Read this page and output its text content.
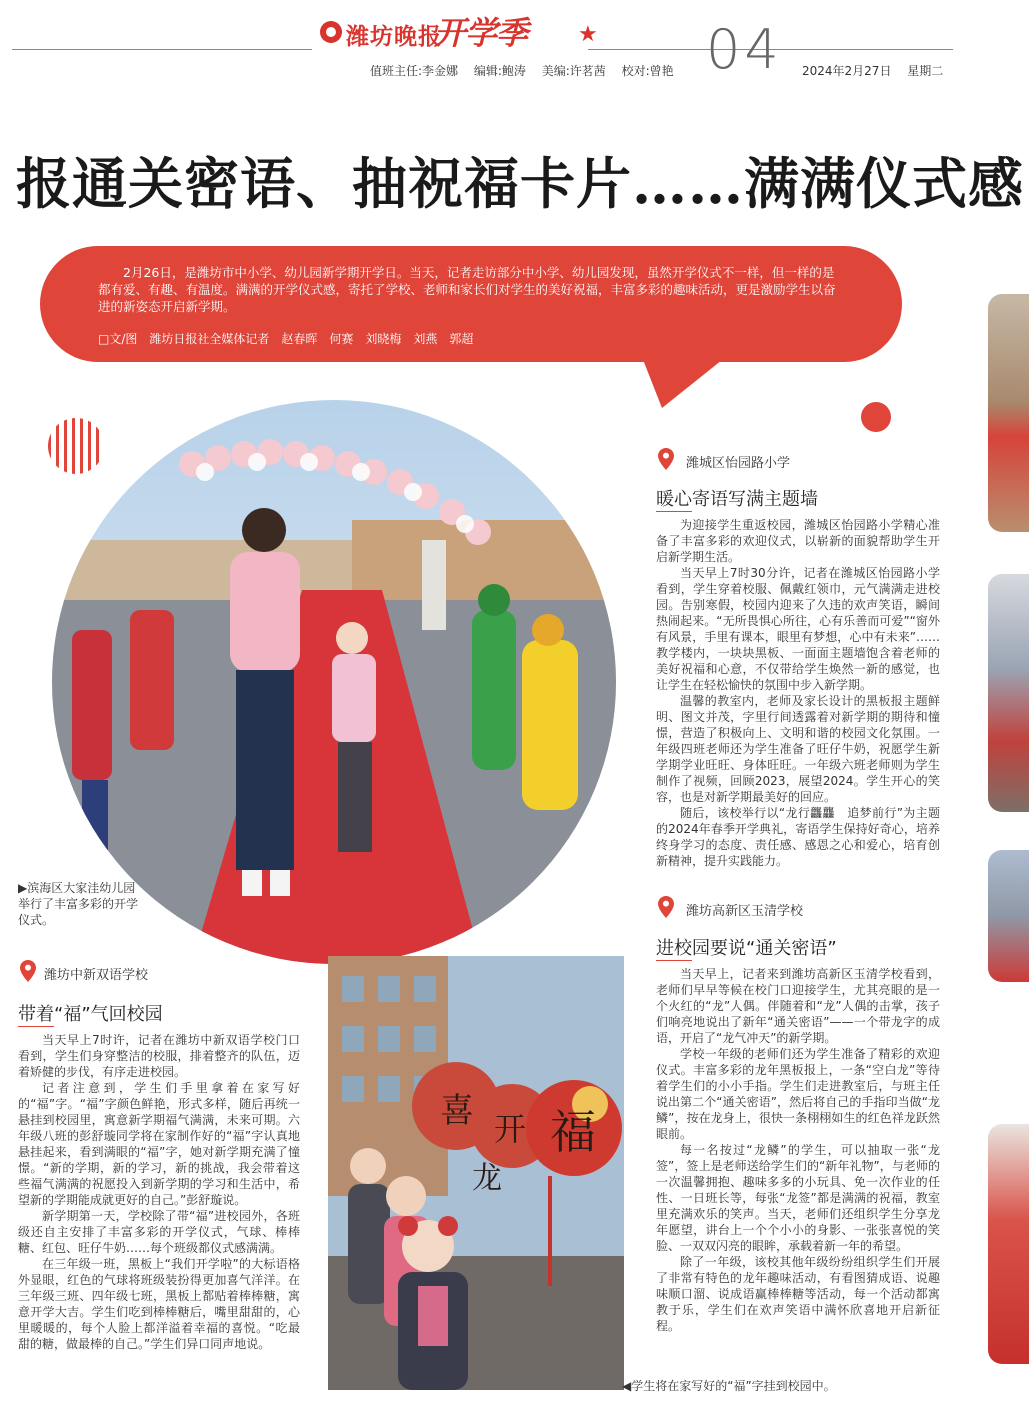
潍坊晚报
开学季 ★
值班主任:李金娜 编辑:鲍涛 美编:许茗茜 校对:曾艳 04 2024年2月27日 星期二
报通关密语、抽祝福卡片……满满仪式感
2月26日，是潍坊市中小学、幼儿园新学期开学日。当天，记者走访部分中小学、幼儿园发现，虽然开学仪式不一样，但一样的是都有爱、有趣、有温度。满满的开学仪式感，寄托了学校、老师和家长们对学生的美好祝福，丰富多彩的趣味活动，更是激励学生以奋进的新姿态开启新学期。
□文/图　潍坊日报社全媒体记者　赵春晖　何赛　刘晓梅　刘燕　郭超
▶滨海区大家洼幼儿园举行了丰富多彩的开学仪式。
潍坊中新双语学校
带着“福”气回校园

当天早上7时许，记者在潍坊中新双语学校门口看到，学生们身穿整洁的校服，排着整齐的队伍，迈着矫健的步伐，有序走进校园。

记者注意到，学生们手里拿着在家写好的“福”字。“福”字颜色鲜艳，形式多样，随后再统一悬挂到校园里，寓意新学期福气满满，未来可期。六年级八班的彭舒璇同学将在家制作好的“福”字认真地悬挂起来，看到满眼的“福”字，她对新学期充满了憧憬。“新的学期，新的学习，新的挑战，我会带着这些福气满满的祝愿投入到新学期的学习和生活中，希望新的学期能成就更好的自己。”彭舒璇说。

新学期第一天，学校除了带“福”进校园外，各班级还自主安排了丰富多彩的开学仪式，气球、棒棒糖、红包、旺仔牛奶……每个班级都仪式感满满。

在三年级一班，黑板上“我们开学啦”的大标语格外显眼，红色的气球将班级装扮得更加喜气洋洋。在三年级三班、四年级七班，黑板上都贴着棒棒糖，寓意开学大吉。学生们吃到棒棒糖后，嘴里甜甜的，心里暖暖的，每个人脸上都洋溢着幸福的喜悦。“吃最甜的糖，做最棒的自己。”学生们异口同声地说。

喜 开
龙
福
◀学生将在家写好的“福”字挂到校园中。
潍城区怡园路小学
暖心寄语写满主题墙

为迎接学生重返校园，潍城区怡园路小学精心准备了丰富多彩的欢迎仪式，以崭新的面貌帮助学生开启新学期生活。

当天早上7时30分许，记者在潍城区怡园路小学看到，学生穿着校服、佩戴红领巾，元气满满走进校园。告别寒假，校园内迎来了久违的欢声笑语，瞬间热闹起来。“无所畏惧心所往，心有乐善而可爱”“窗外有风景，手里有课本，眼里有梦想，心中有未来”……教学楼内，一块块黑板、一面面主题墙饱含着老师的美好祝福和心意，不仅带给学生焕然一新的感觉，也让学生在轻松愉快的氛围中步入新学期。

温馨的教室内，老师及家长设计的黑板报主题鲜明、图文并茂，字里行间透露着对新学期的期待和憧憬，营造了积极向上、文明和谐的校园文化氛围。一年级四班老师还为学生准备了旺仔牛奶，祝愿学生新学期学业旺旺、身体旺旺。一年级六班老师则为学生制作了视频，回顾2023，展望2024。学生开心的笑容，也是对新学期最美好的回应。

随后，该校举行以“龙行龘龘　追梦前行”为主题的2024年春季开学典礼，寄语学生保持好奇心，培养终身学习的态度、责任感、感恩之心和爱心，培育创新精神，提升实践能力。

潍坊高新区玉清学校
进校园要说“通关密语”

当天早上，记者来到潍坊高新区玉清学校看到，老师们早早等候在校门口迎接学生，尤其亮眼的是一个火红的“龙”人偶。伴随着和“龙”人偶的击掌，孩子们响亮地说出了新年“通关密语”——一个带龙字的成语，开启了“龙气冲天”的新学期。

学校一年级的老师们还为学生准备了精彩的欢迎仪式。丰富多彩的龙年黑板报上，一条“空白龙”等待着学生们的小小手指。学生们走进教室后，与班主任说出第二个“通关密语”，然后将自己的手指印当做“龙鳞”，按在龙身上，很快一条栩栩如生的红色祥龙跃然眼前。

每一名按过“龙鳞”的学生，可以抽取一张“龙签”，签上是老师送给学生们的“新年礼物”，与老师的一次温馨拥抱、趣味多多的小玩具、免一次作业的任性、一日班长等，每张“龙签”都是满满的祝福，教室里充满欢乐的笑声。当天，老师们还组织学生分享龙年愿望，讲台上一个个小小的身影、一张张喜悦的笑脸、一双双闪亮的眼眸，承载着新一年的希望。

除了一年级，该校其他年级纷纷组织学生们开展了非常有特色的龙年趣味活动，有看图猜成语、说趣味顺口溜、说成语赢棒棒糖等活动，每一个活动都寓教于乐，学生们在欢声笑语中满怀欣喜地开启新征程。
